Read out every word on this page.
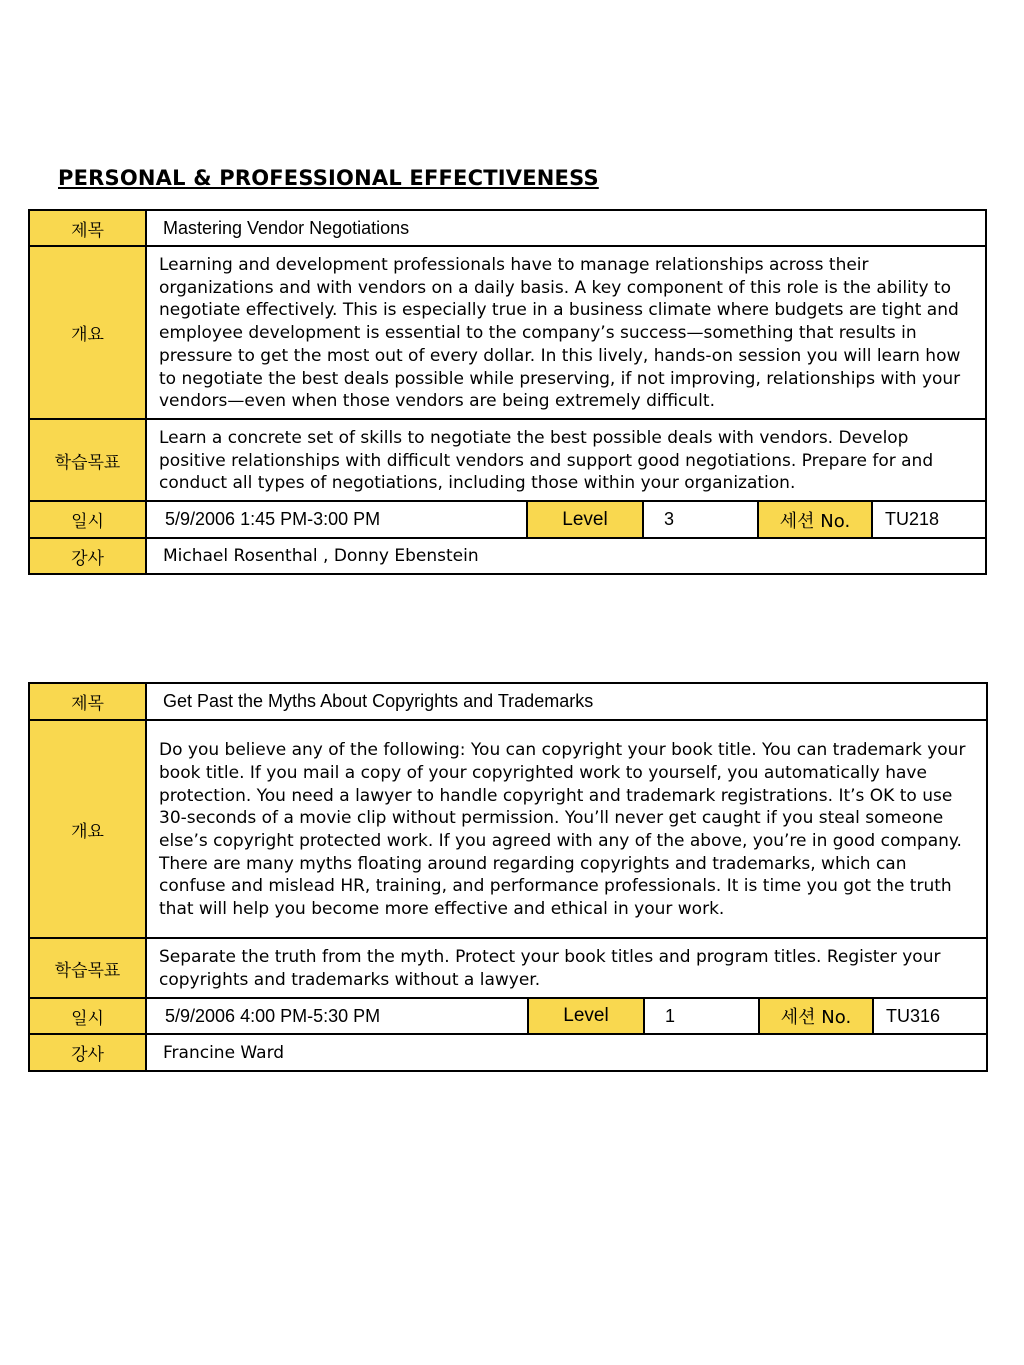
PERSONAL & PROFESSIONAL EFFECTIVENESS
제목	Mastering Vendor Negotiations				
개요	Learning and development professionals have to manage relationships across their organizations and with vendors on a daily basis. A key component of this role is the ability to negotiate effectively. This is especially true in a business climate where budgets are tight and employee development is essential to the company’s success—something that results in pressure to get the most out of every dollar. In this lively, hands-on session you will learn how to negotiate the best deals possible while preserving, if not improving, relationships with your vendors—even when those vendors are being extremely difficult.				
학습목표	Learn a concrete set of skills to negotiate the best possible deals with vendors. Develop positive relationships with difficult vendors and support good negotiations. Prepare for and conduct all types of negotiations, including those within your organization.				
일시	5/9/2006 1:45 PM-3:00 PM	Level	3	세션 No.	TU218
강사	Michael Rosenthal , Donny Ebenstein				
제목	Get Past the Myths About Copyrights and Trademarks				
개요	Do you believe any of the following: You can copyright your book title. You can trademark your book title. If you mail a copy of your copyrighted work to yourself, you automatically have protection. You need a lawyer to handle copyright and trademark registrations. It’s OK to use 30-seconds of a movie clip without permission. You’ll never get caught if you steal someone else’s copyright protected work. If you agreed with any of the above, you’re in good company. There are many myths floating around regarding copyrights and trademarks, which can confuse and mislead HR, training, and performance professionals. It is time you got the truth that will help you become more effective and ethical in your work.				
학습목표	Separate the truth from the myth. Protect your book titles and program titles. Register your copyrights and trademarks without a lawyer.				
일시	5/9/2006 4:00 PM-5:30 PM	Level	1	세션 No.	TU316
강사	Francine Ward				
